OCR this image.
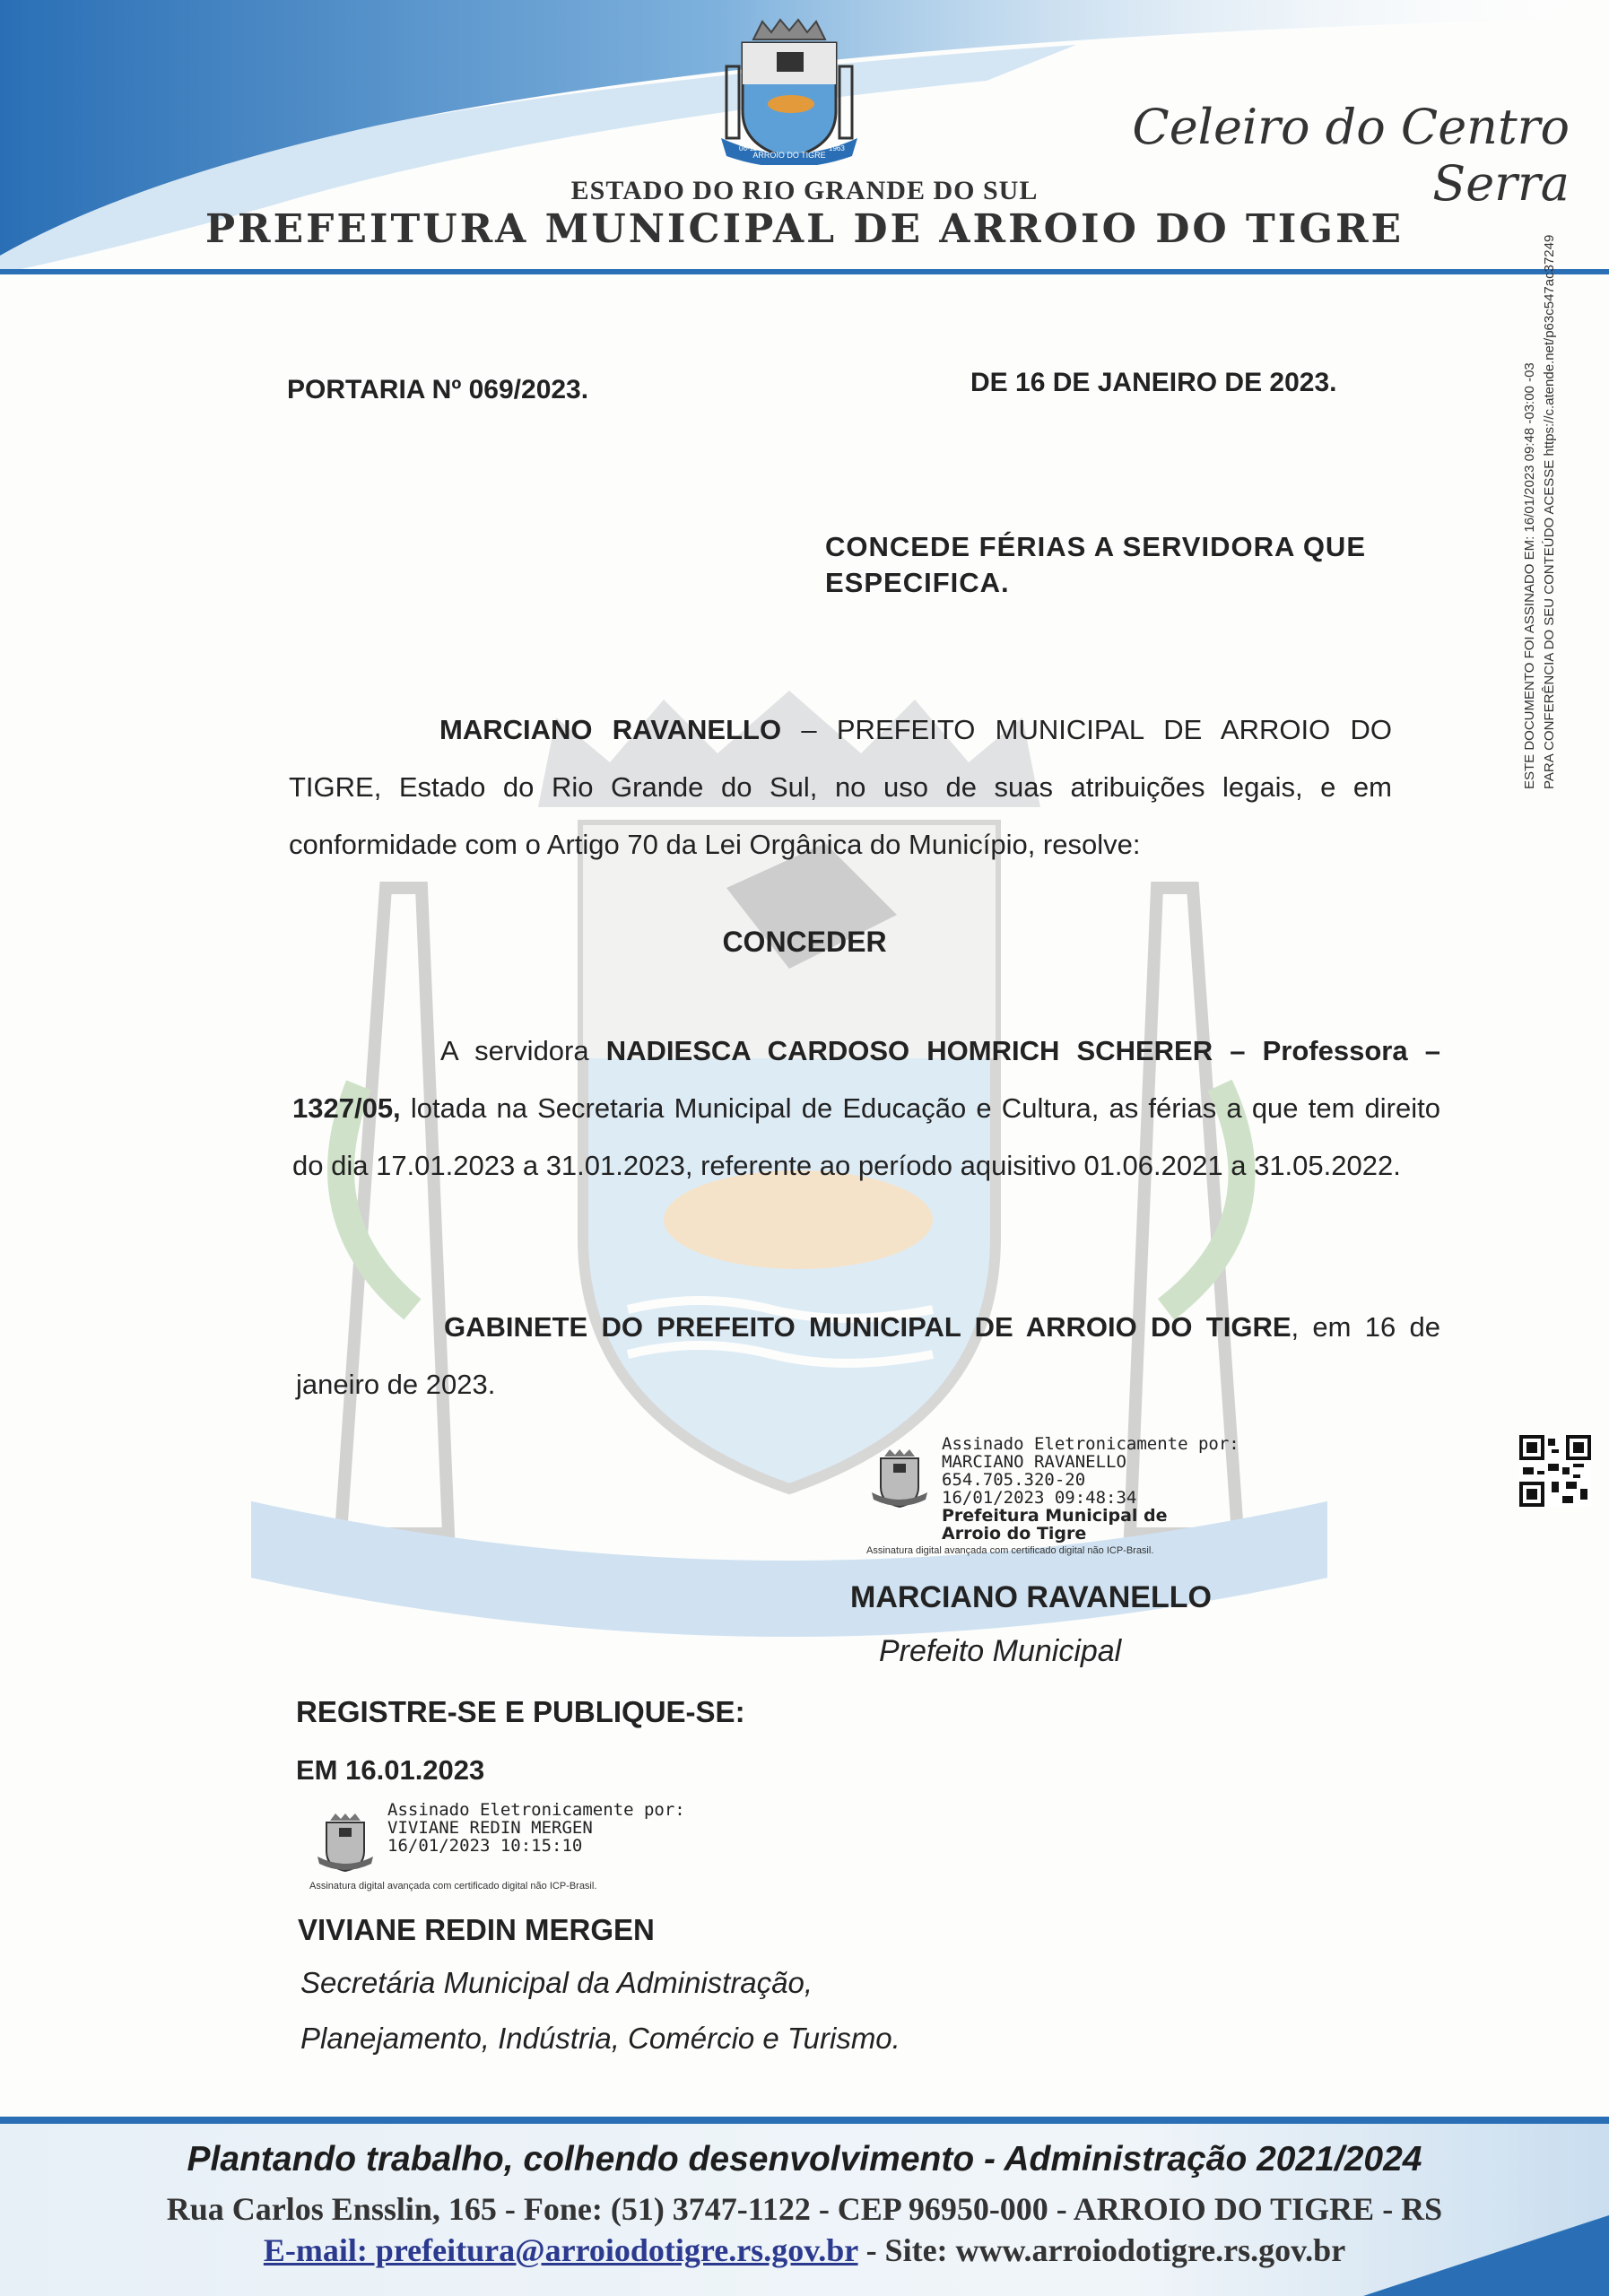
ARROIO DO TIGRE
06-11	1963	Celeiro do Centro Serra
ESTADO DO RIO GRANDE DO SUL
PREFEITURA MUNICIPAL DE ARROIO DO TIGRE
PORTARIA Nº 069/2023.	DE 16 DE JANEIRO DE 2023.
CONCEDE FÉRIAS A SERVIDORA QUE ESPECIFICA.
MARCIANO RAVANELLO – PREFEITO MUNICIPAL DE ARROIO DO TIGRE, Estado do Rio Grande do Sul, no uso de suas atribuições legais, e em conformidade com o Artigo 70 da Lei Orgânica do Município, resolve:
CONCEDER
A servidora NADIESCA CARDOSO HOMRICH SCHERER – Professora – 1327/05, lotada na Secretaria Municipal de Educação e Cultura, as férias a que tem direito do dia 17.01.2023 a 31.01.2023, referente ao período aquisitivo 01.06.2021 a 31.05.2022.
GABINETE DO PREFEITO MUNICIPAL DE ARROIO DO TIGRE, em 16 de janeiro de 2023.
Assinado Eletronicamente por:
MARCIANO RAVANELLO
654.705.320-20
16/01/2023 09:48:34
Prefeitura Municipal de
Arroio do Tigre
Assinatura digital avançada com certificado digital não ICP-Brasil.
MARCIANO RAVANELLO
Prefeito Municipal
REGISTRE-SE E PUBLIQUE-SE:
EM 16.01.2023
Assinado Eletronicamente por:
VIVIANE REDIN MERGEN
16/01/2023 10:15:10
Assinatura digital avançada com certificado digital não ICP-Brasil.
VIVIANE REDIN MERGEN
Secretária Municipal da Administração,
Planejamento, Indústria, Comércio e Turismo.
ESTE DOCUMENTO FOI ASSINADO EM: 16/01/2023 09:48 -03:00 -03 PARA CONFERÊNCIA DO SEU CONTEÚDO ACESSE https://c.atende.net/p63c547ac37249
Plantando trabalho, colhendo desenvolvimento - Administração 2021/2024
Rua Carlos Ensslin, 165 - Fone: (51) 3747-1122 - CEP 96950-000 - ARROIO DO TIGRE - RS
E-mail: prefeitura@arroiodotigre.rs.gov.br - Site: www.arroiodotigre.rs.gov.br
